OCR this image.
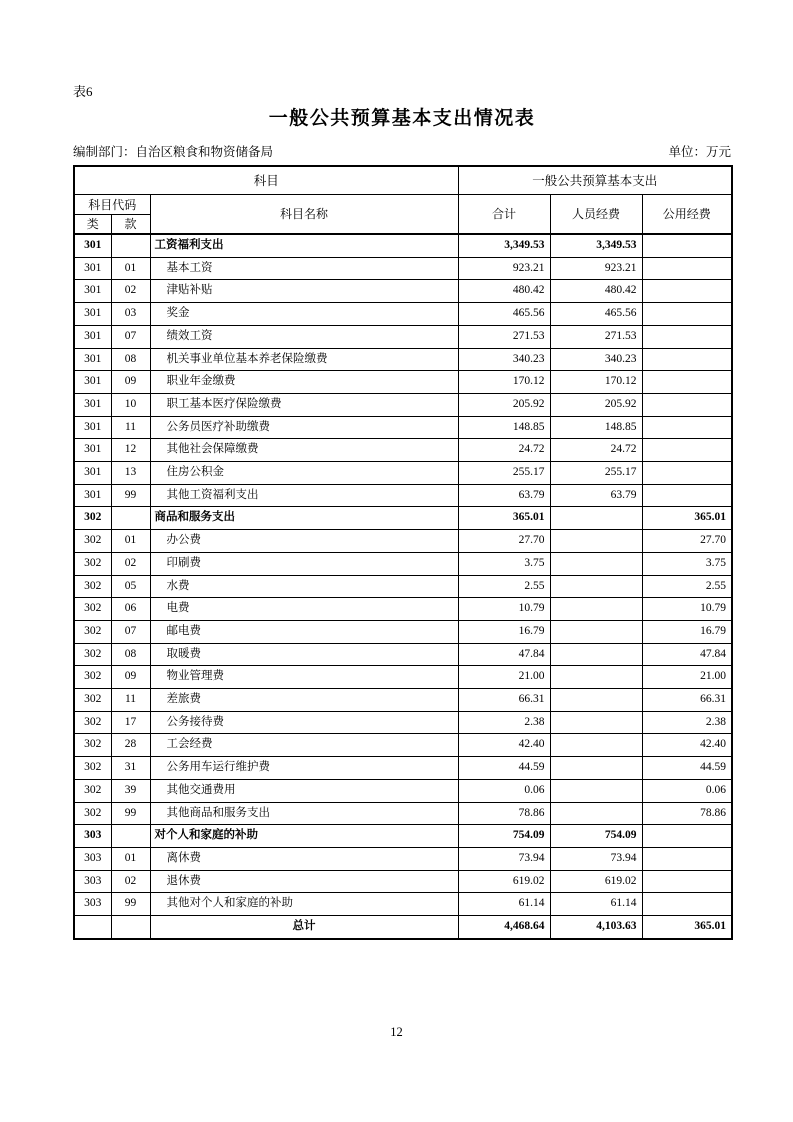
表6
一般公共预算基本支出情况表
编制部门：自治区粮食和物资储备局	单位：万元
科目			一般公共预算基本支出		
科目代码		科目名称	合计	人员经费	公用经费
类	款				
301		工资福利支出	3,349.53	3,349.53	
301	01	基本工资	923.21	923.21	
301	02	津贴补贴	480.42	480.42	
301	03	奖金	465.56	465.56	
301	07	绩效工资	271.53	271.53	
301	08	机关事业单位基本养老保险缴费	340.23	340.23	
301	09	职业年金缴费	170.12	170.12	
301	10	职工基本医疗保险缴费	205.92	205.92	
301	11	公务员医疗补助缴费	148.85	148.85	
301	12	其他社会保障缴费	24.72	24.72	
301	13	住房公积金	255.17	255.17	
301	99	其他工资福利支出	63.79	63.79	
302		商品和服务支出	365.01		365.01
302	01	办公费	27.70		27.70
302	02	印刷费	3.75		3.75
302	05	水费	2.55		2.55
302	06	电费	10.79		10.79
302	07	邮电费	16.79		16.79
302	08	取暖费	47.84		47.84
302	09	物业管理费	21.00		21.00
302	11	差旅费	66.31		66.31
302	17	公务接待费	2.38		2.38
302	28	工会经费	42.40		42.40
302	31	公务用车运行维护费	44.59		44.59
302	39	其他交通费用	0.06		0.06
302	99	其他商品和服务支出	78.86		78.86
303		对个人和家庭的补助	754.09	754.09	
303	01	离休费	73.94	73.94	
303	02	退休费	619.02	619.02	
303	99	其他对个人和家庭的补助	61.14	61.14	
		总计	4,468.64	4,103.63	365.01
12
